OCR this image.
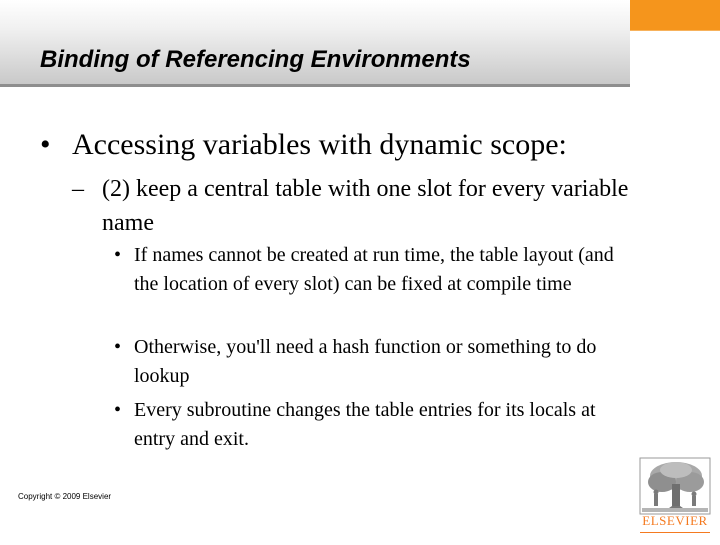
Binding of Referencing Environments
• Accessing variables with dynamic scope:
– (2) keep a central table with one slot for every variable name
• If names cannot be created at run time, the table layout (and the location of every slot) can be fixed at compile time
• Otherwise, you'll need a hash function or something to do lookup
• Every subroutine changes the table entries for its locals at entry and exit.
Copyright © 2009 Elsevier
ELSEVIER
